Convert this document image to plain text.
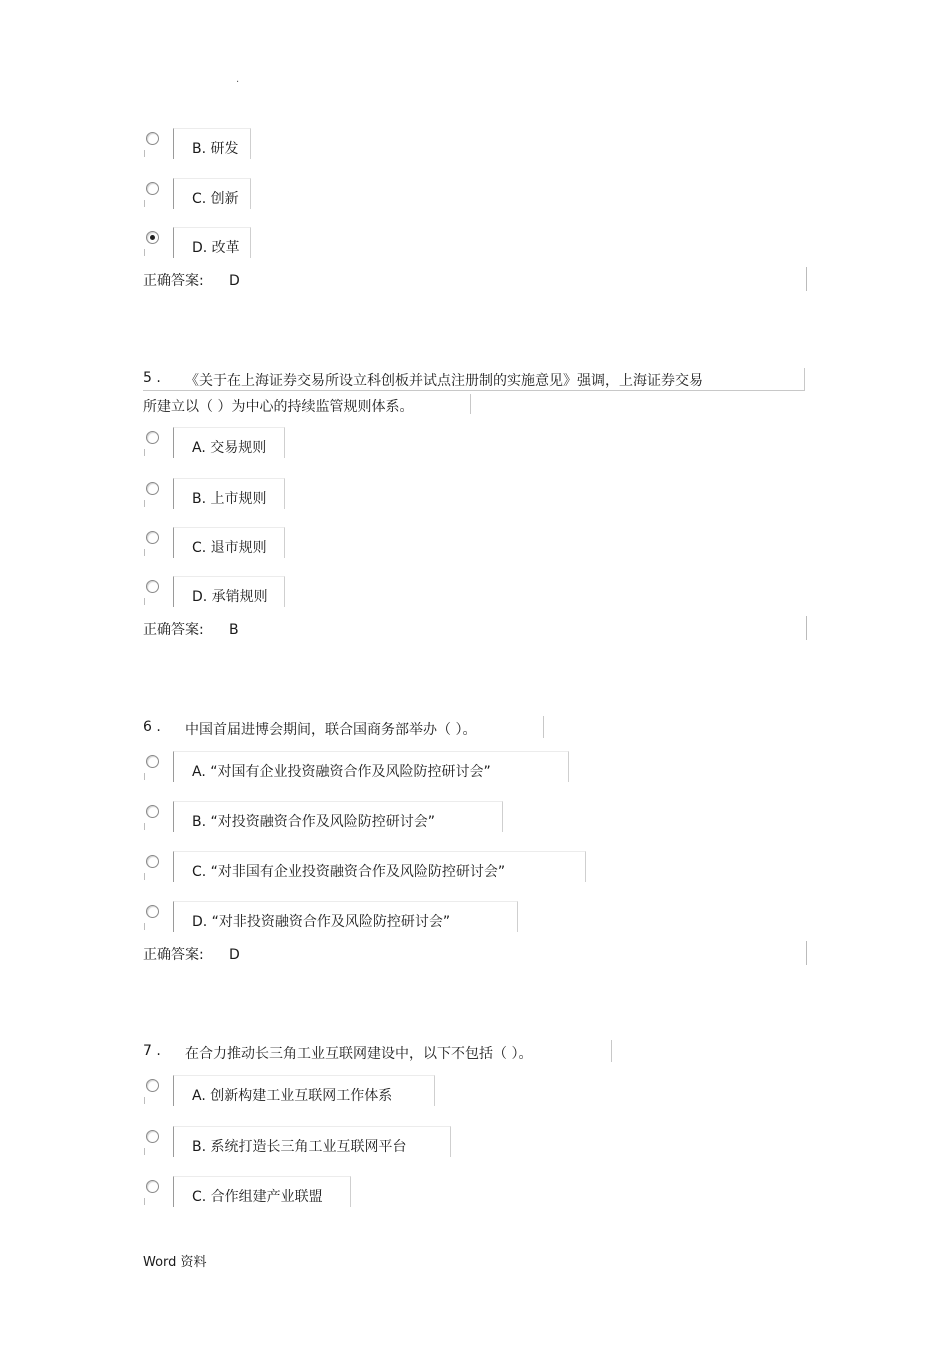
.
B. 研发
C. 创新
D. 改革
正确答案: D
5 . 《关于在上海证券交易所设立科创板并试点注册制的实施意见》强调，上海证券交易
所建立以（ ）为中心的持续监管规则体系。
A. 交易规则
B. 上市规则
C. 退市规则
D. 承销规则
正确答案: B
6 . 中国首届进博会期间，联合国商务部举办（ ）。
A. “对国有企业投资融资合作及风险防控研讨会”
B. “对投资融资合作及风险防控研讨会”
C. “对非国有企业投资融资合作及风险防控研讨会”
D. “对非投资融资合作及风险防控研讨会”
正确答案: D
7 . 在合力推动长三角工业互联网建设中，以下不包括（ ）。
A. 创新构建工业互联网工作体系
B. 系统打造长三角工业互联网平台
C. 合作组建产业联盟
Word 资料
